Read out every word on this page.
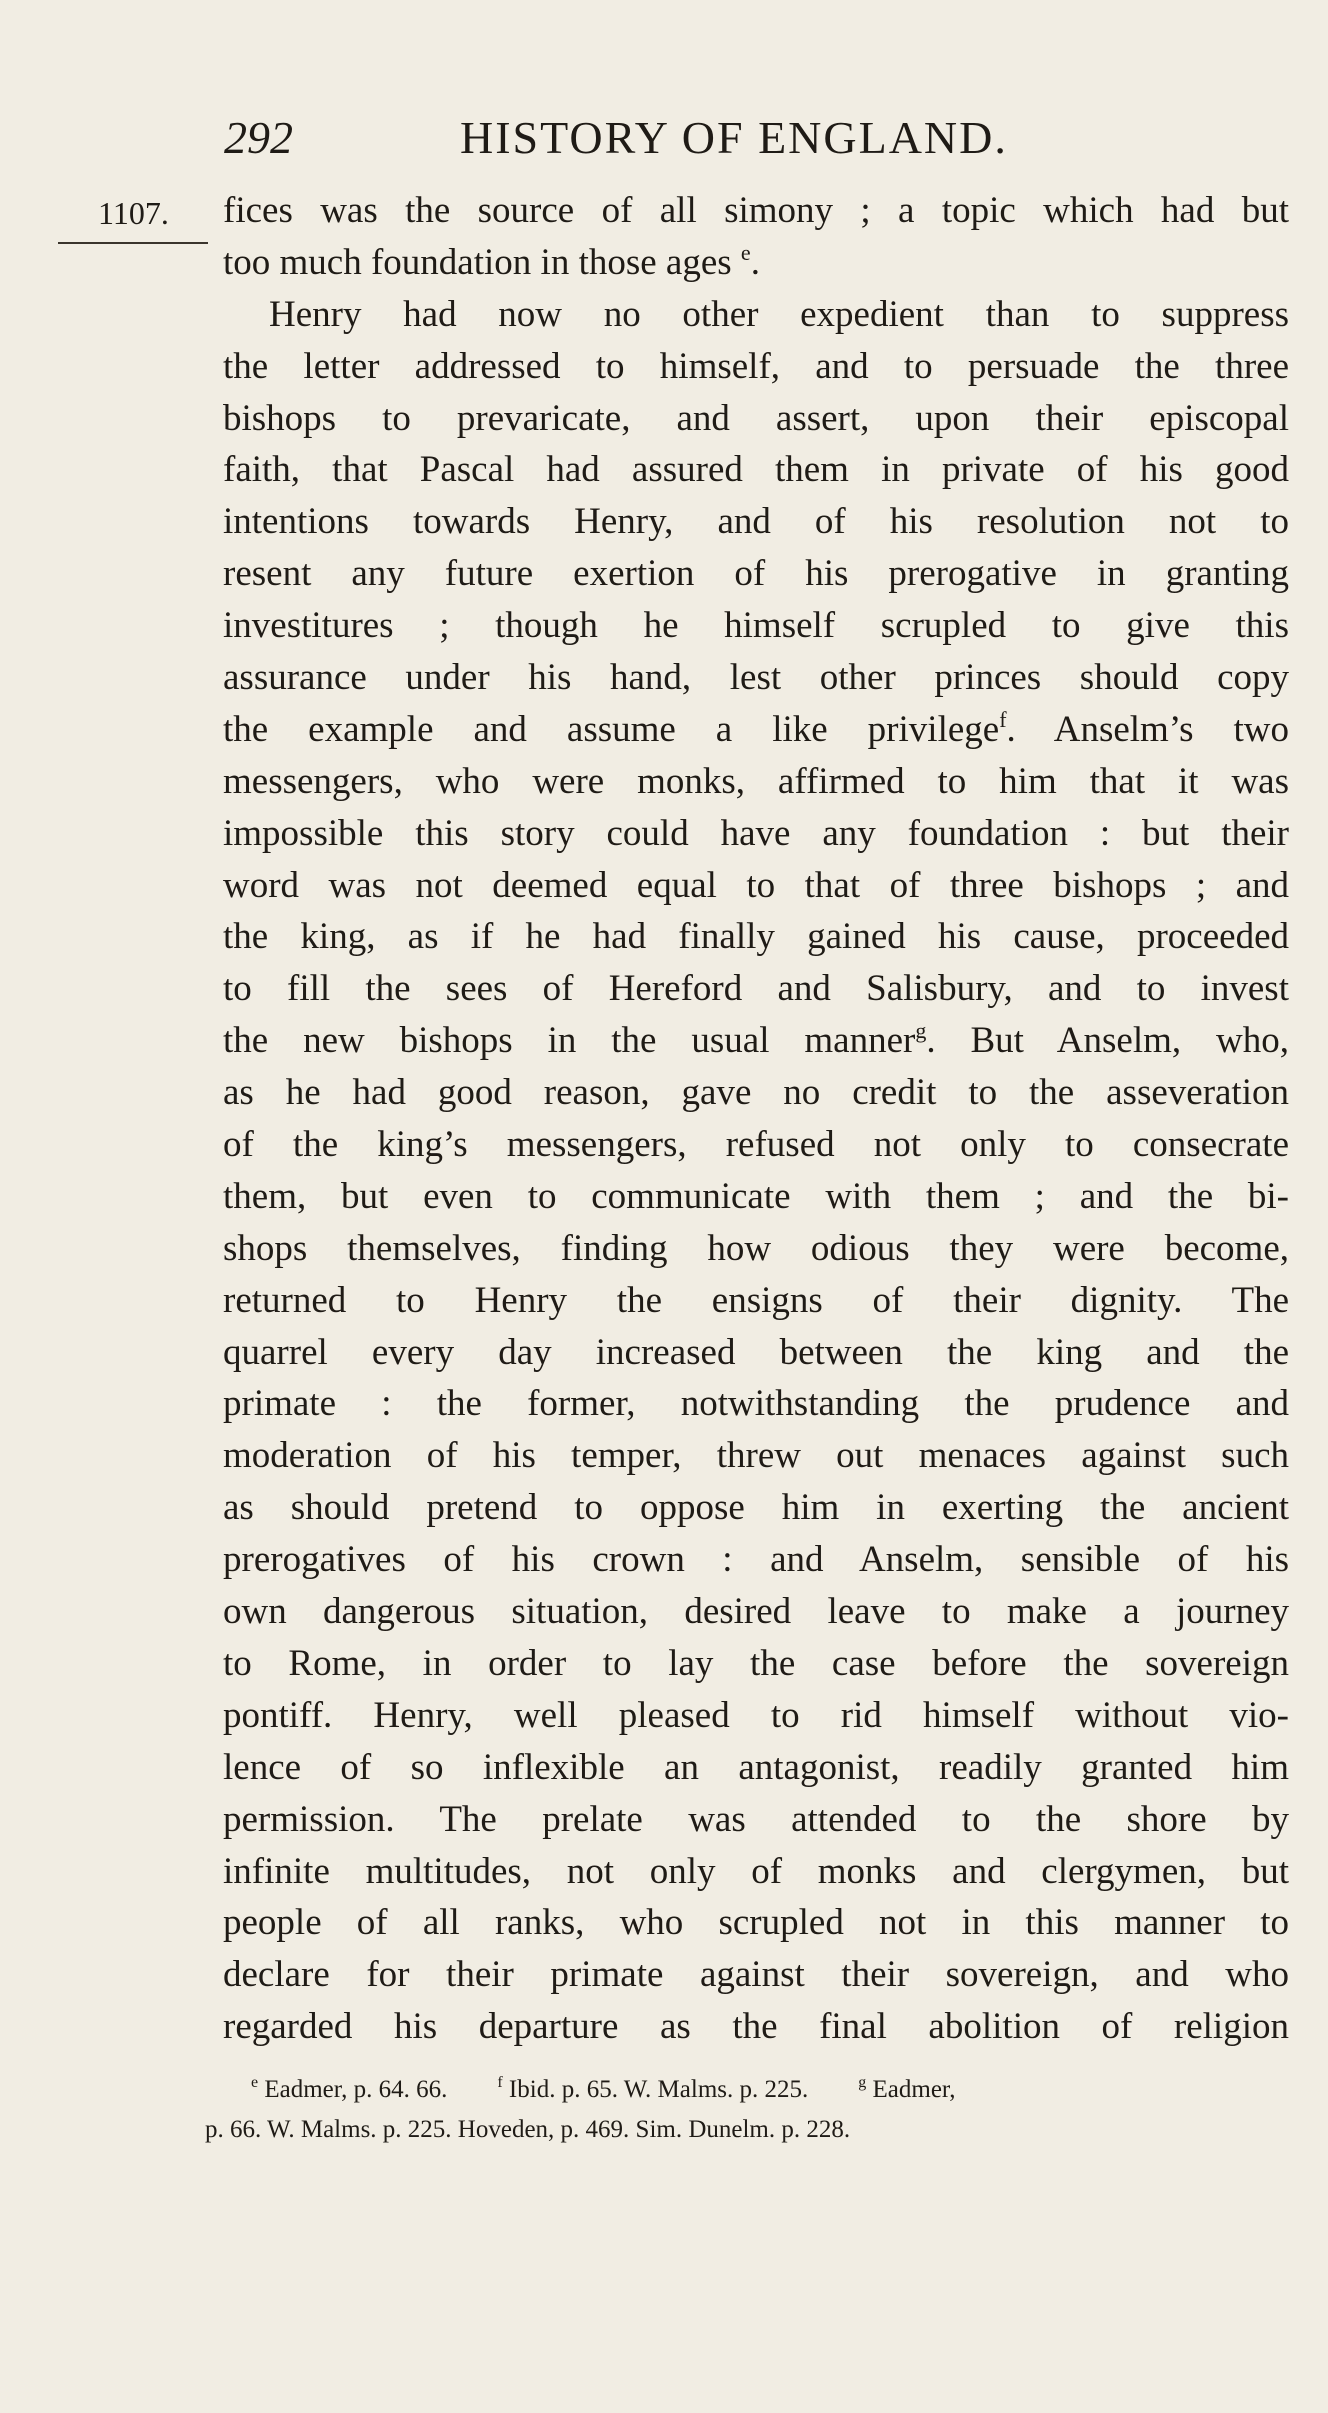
292	HISTORY OF ENGLAND.
1107. fices was the source of all simony ; a topic which had but
too much foundation in those ages $^e$.
Henry had now no other expedient than to suppress
the letter addressed to himself, and to persuade the three
bishops to prevaricate, and assert, upon their episcopal
faith, that Pascal had assured them in private of his good
intentions towards Henry, and of his resolution not to
resent any future exertion of his prerogative in granting
investitures ; though he himself scrupled to give this
assurance under his hand, lest other princes should copy
the example and assume a like privilege$^f$. Anselm’s two
messengers, who were monks, affirmed to him that it was
impossible this story could have any foundation : but their
word was not deemed equal to that of three bishops ; and
the king, as if he had finally gained his cause, proceeded
to fill the sees of Hereford and Salisbury, and to invest
the new bishops in the usual manner$^g$. But Anselm, who,
as he had good reason, gave no credit to the asseveration
of the king’s messengers, refused not only to consecrate
them, but even to communicate with them ; and the bi-
shops themselves, finding how odious they were become,
returned to Henry the ensigns of their dignity. The
quarrel every day increased between the king and the
primate : the former, notwithstanding the prudence and
moderation of his temper, threw out menaces against such
as should pretend to oppose him in exerting the ancient
prerogatives of his crown : and Anselm, sensible of his
own dangerous situation, desired leave to make a journey
to Rome, in order to lay the case before the sovereign
pontiff. Henry, well pleased to rid himself without vio-
lence of so inflexible an antagonist, readily granted him
permission. The prelate was attended to the shore by
infinite multitudes, not only of monks and clergymen, but
people of all ranks, who scrupled not in this manner to
declare for their primate against their sovereign, and who
regarded his departure as the final abolition of religion
$^e$ Eadmer, p. 64. 66.	$^f$ Ibid. p. 65. W. Malms. p. 225.	$^g$ Eadmer,
p. 66. W. Malms. p. 225. Hoveden, p. 469. Sim. Dunelm. p. 228.
